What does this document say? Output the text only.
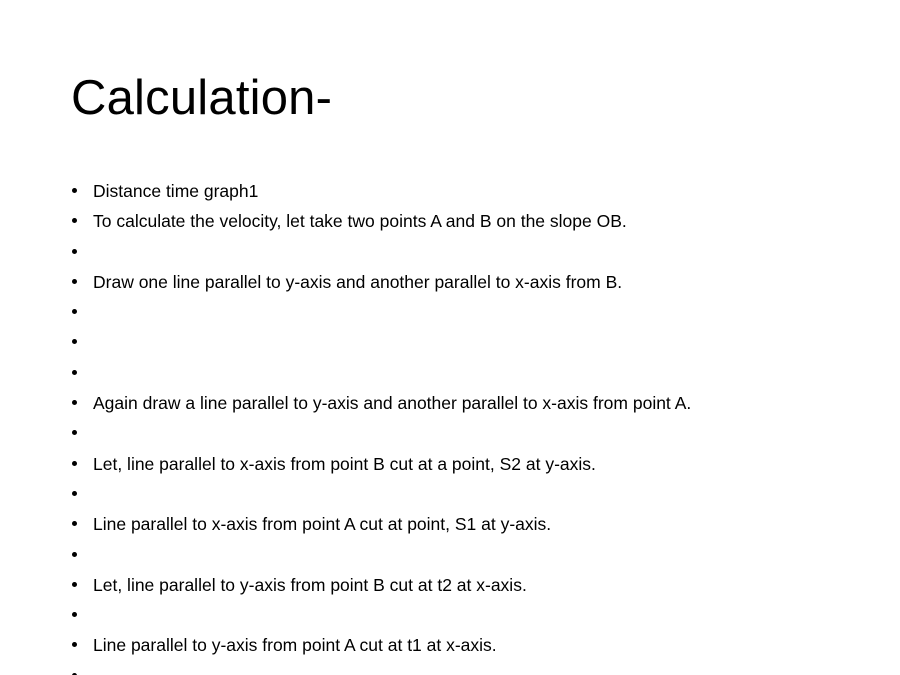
Calculation-
Distance time graph1
To calculate the velocity, let take two points A and B on the slope OB.
Draw one line parallel to y-axis and another parallel to x-axis from B.
Again draw a line parallel to y-axis and another parallel to x-axis from point A.
Let, line parallel to x-axis from point B cut at a point, S2 at y-axis.
Line parallel to x-axis from point A cut at point, S1 at y-axis.
Let, line parallel to y-axis from point B cut at t2 at x-axis.
Line parallel to y-axis from point A cut at t1 at x-axis.
